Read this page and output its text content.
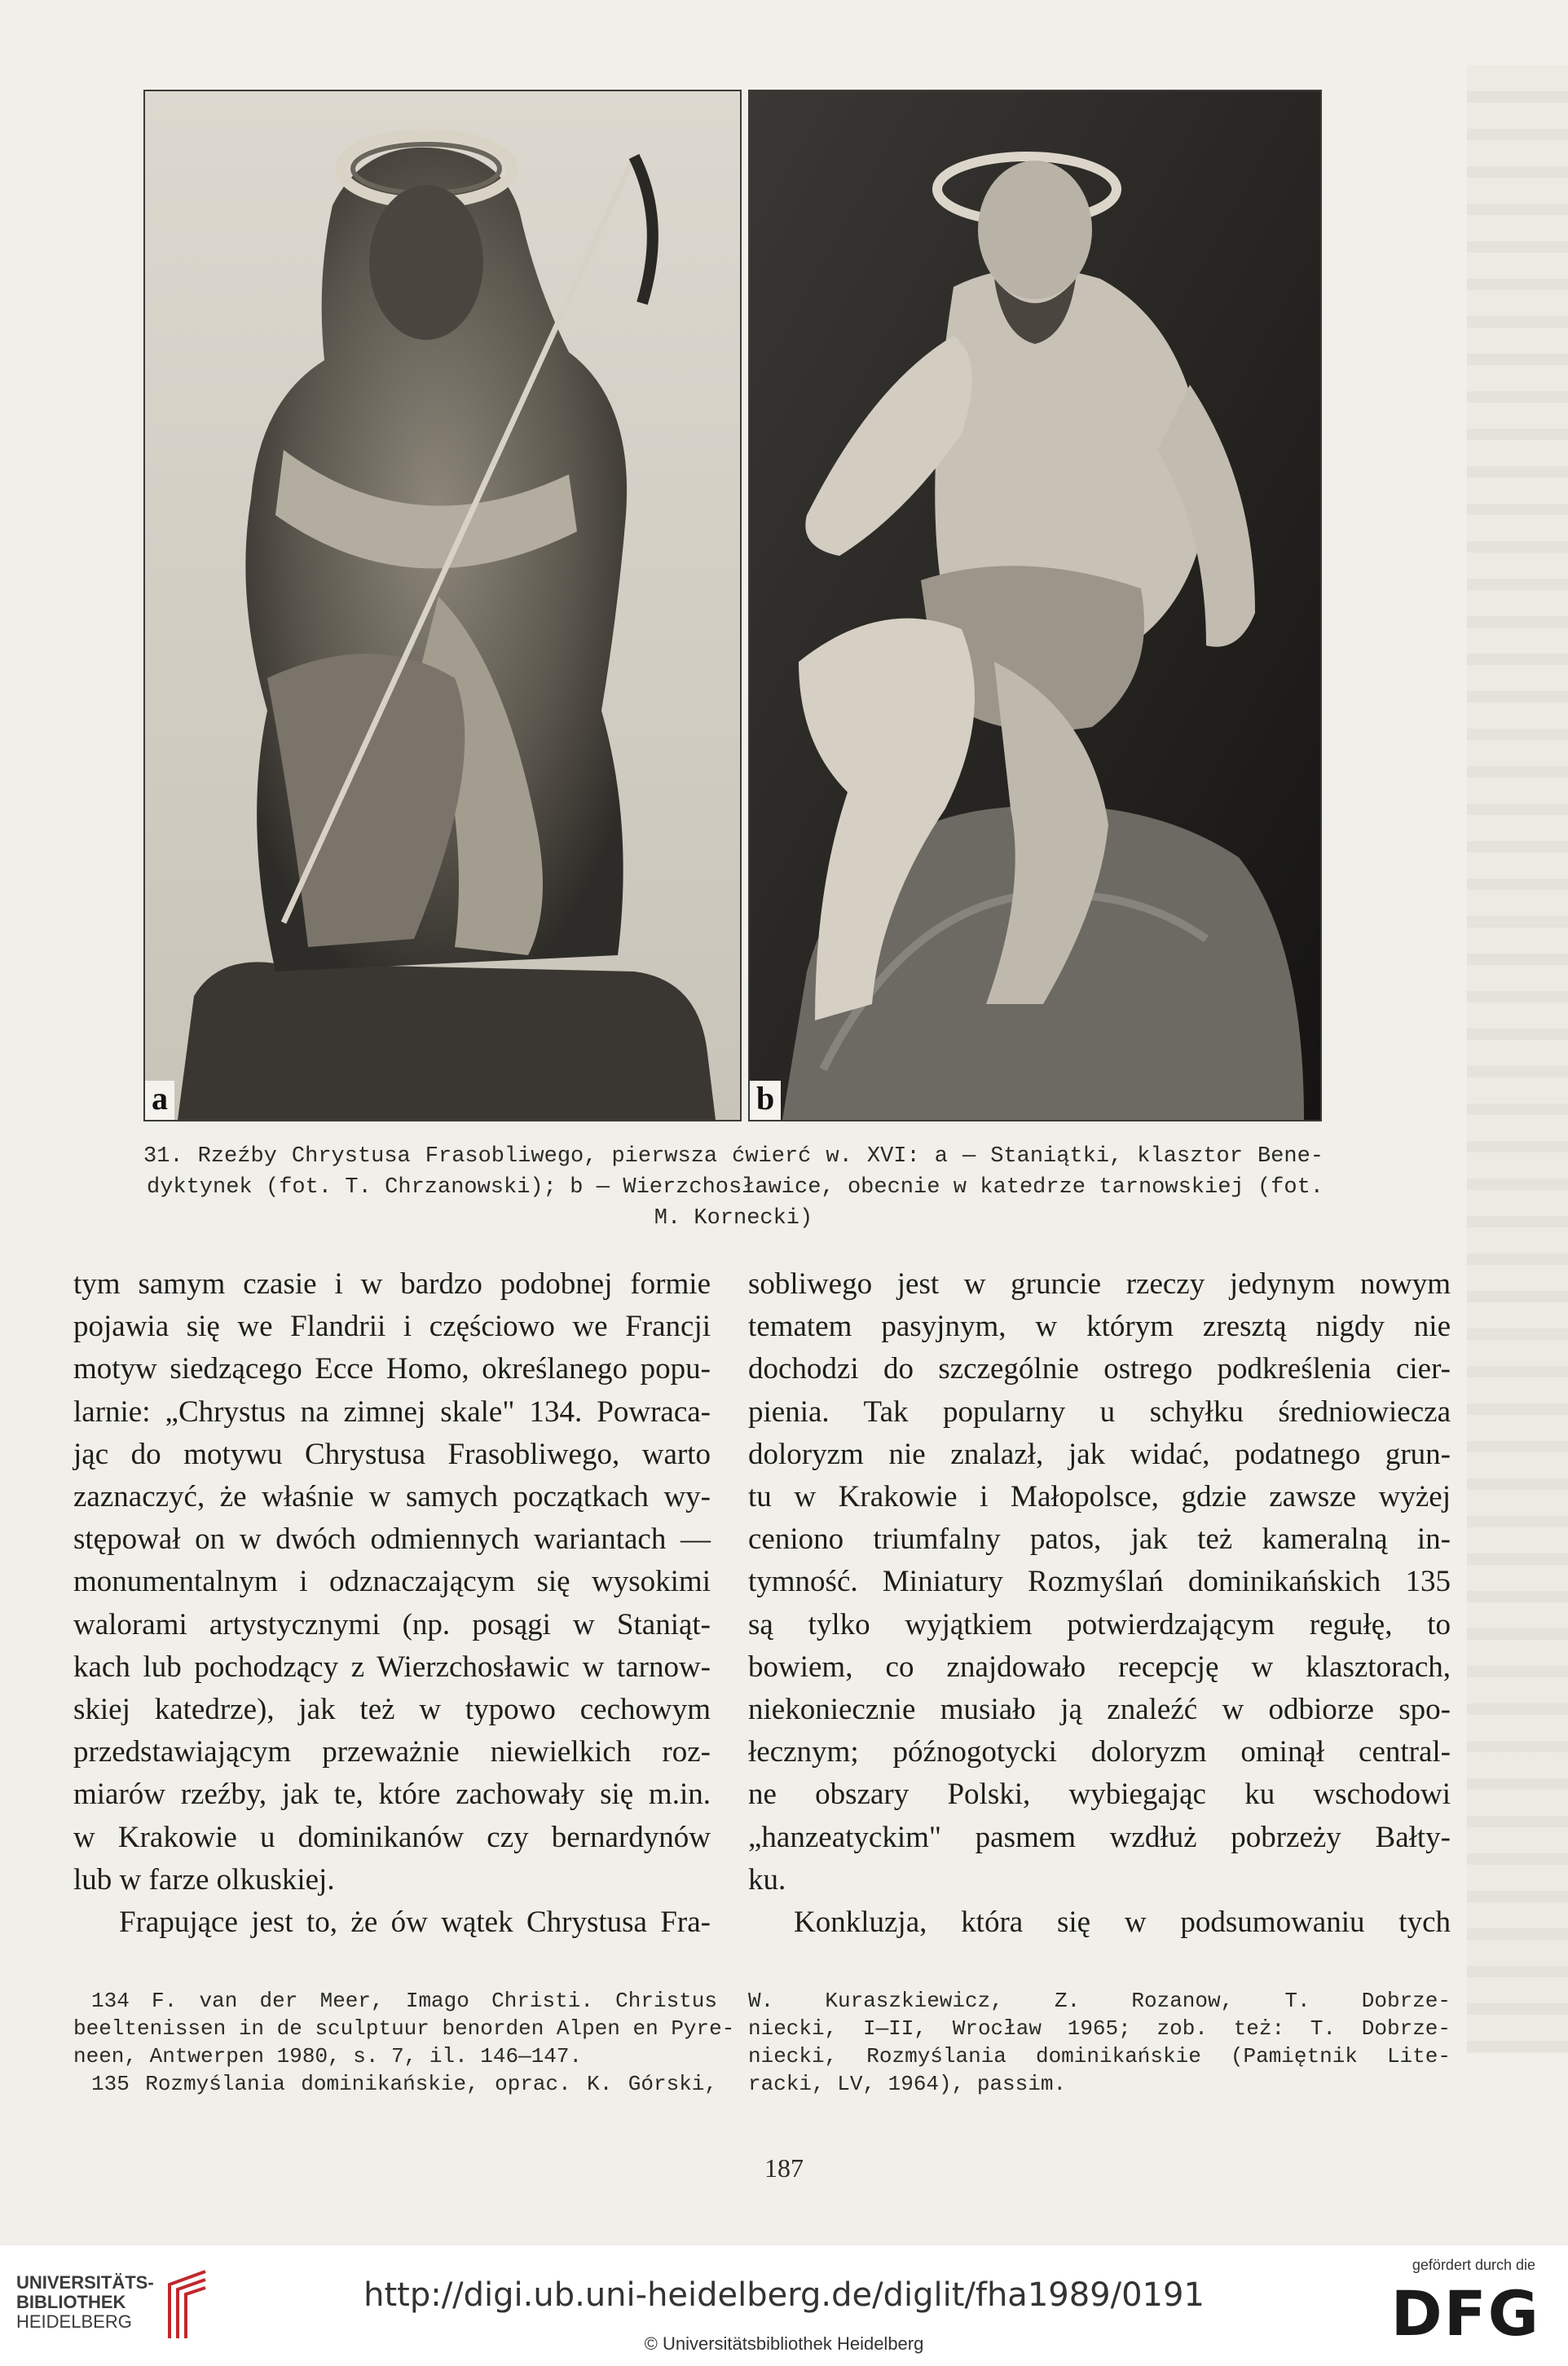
a	b

31. Rzeźby Chrystusa Frasobliwego, pierwsza ćwierć w. XVI: a — Staniątki, klasztor Bene-

dyktynek (fot. T. Chrzanowski); b — Wierzchosławice, obecnie w katedrze tarnowskiej (fot.

M. Kornecki)

tym samym czasie i w bardzo podobnej formie
pojawia się we Flandrii i częściowo we Francji
motyw siedzącego Ecce Homo, określanego popu-
larnie: „Chrystus na zimnej skale" 134. Powraca-
jąc do motywu Chrystusa Frasobliwego, warto
zaznaczyć, że właśnie w samych początkach wy-
stępował on w dwóch odmiennych wariantach —
monumentalnym i odznaczającym się wysokimi
walorami artystycznymi (np. posągi w Staniąt-
kach lub pochodzący z Wierzchosławic w tarnow-
skiej katedrze), jak też w typowo cechowym
przedstawiającym przeważnie niewielkich roz-
miarów rzeźby, jak te, które zachowały się m.in.
w Krakowie u dominikanów czy bernardynów
lub w farze olkuskiej.
Frapujące jest to, że ów wątek Chrystusa Fra-
sobliwego jest w gruncie rzeczy jedynym nowym
tematem pasyjnym, w którym zresztą nigdy nie
dochodzi do szczególnie ostrego podkreślenia cier-
pienia. Tak popularny u schyłku średniowiecza
doloryzm nie znalazł, jak widać, podatnego grun-
tu w Krakowie i Małopolsce, gdzie zawsze wyżej
ceniono triumfalny patos, jak też kameralną in-
tymność. Miniatury Rozmyślań dominikańskich 135
są tylko wyjątkiem potwierdzającym regułę, to
bowiem, co znajdowało recepcję w klasztorach,
niekoniecznie musiało ją znaleźć w odbiorze spo-
łecznym; późnogotycki doloryzm ominął central-
ne obszary Polski, wybiegając ku wschodowi
„hanzeatyckim" pasmem wzdłuż pobrzeży Bałty-
ku.
Konkluzja, która się w podsumowaniu tych
134 F. van der Meer, Imago Christi. Christus
beeltenissen in de sculptuur benorden Alpen en Pyre-
neen, Antwerpen 1980, s. 7, il. 146—147.
135 Rozmyślania dominikańskie, oprac. K. Górski,
W. Kuraszkiewicz, Z. Rozanow, T. Dobrze-
niecki, I—II, Wrocław 1965; zob. też: T. Dobrze-
niecki, Rozmyślania dominikańskie (Pamiętnik Lite-
racki, LV, 1964), passim.
187
UNIVERSITÄTS-
BIBLIOTHEK
HEIDELBERG
http://digi.ub.uni-heidelberg.de/diglit/fha1989/0191
© Universitätsbibliothek Heidelberg
gefördert durch die
DFG
